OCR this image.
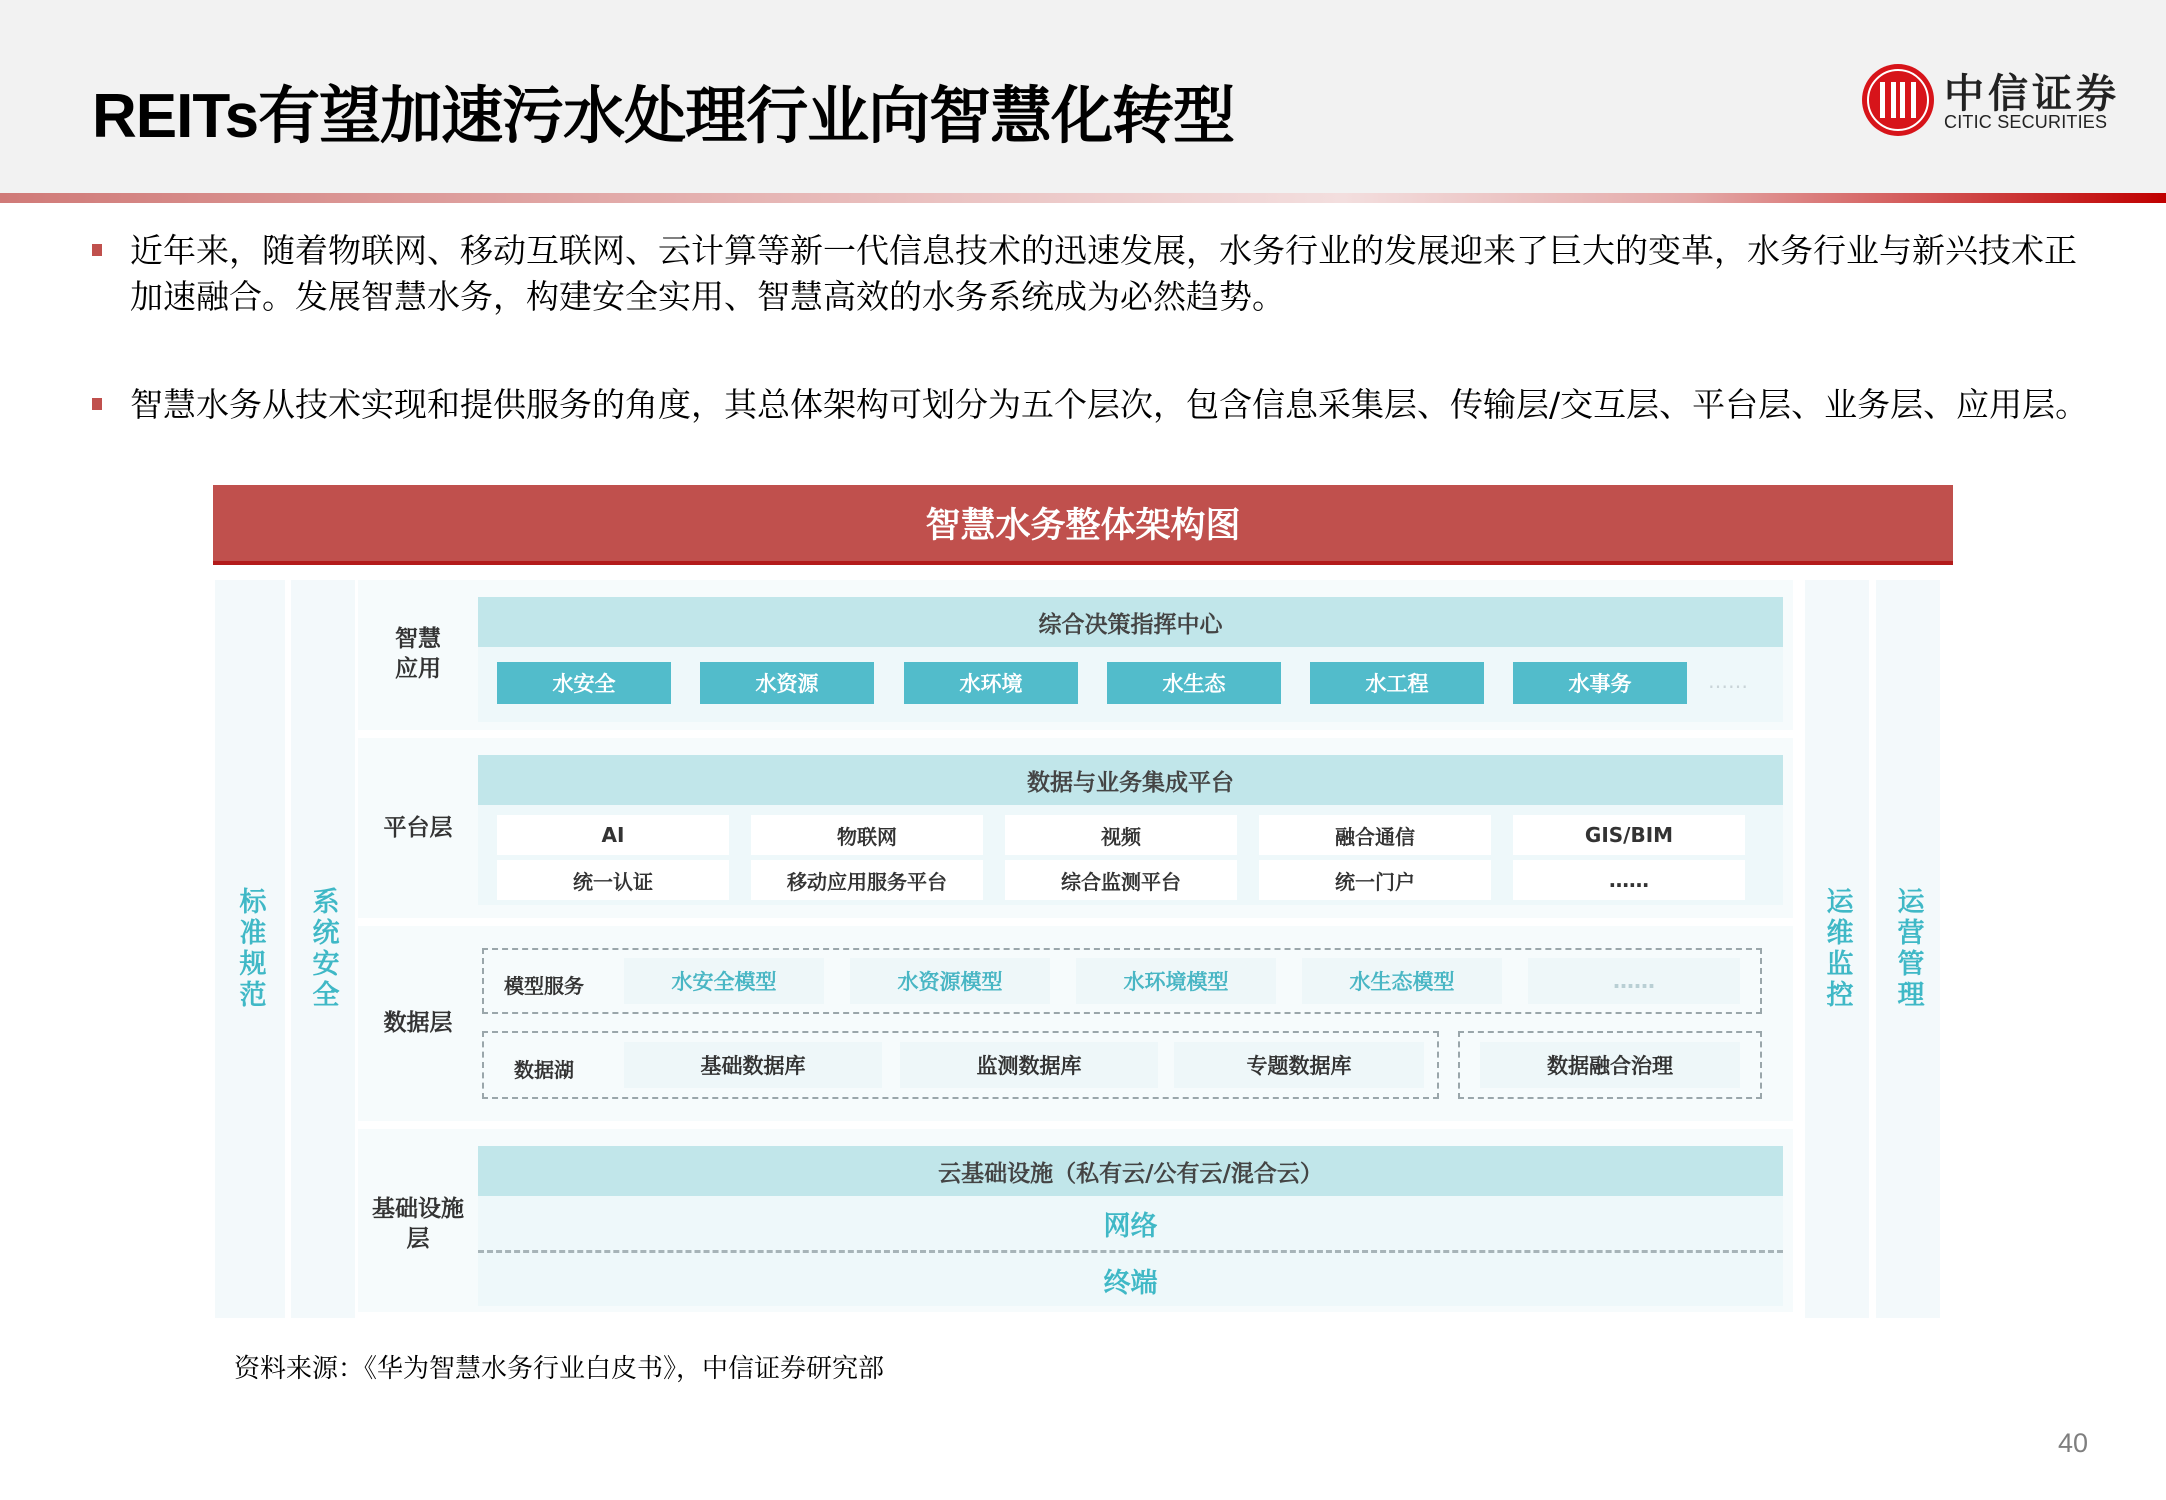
REITs有望加速污水处理行业向智慧化转型	中信证券
CITIC SECURITIES
近年来，随着物联网、移动互联网、云计算等新一代信息技术的迅速发展，水务行业的发展迎来了巨大的变革，水务行业与新兴技术正加速融合。发展智慧水务，构建安全实用、智慧高效的水务系统成为必然趋势。
智慧水务从技术实现和提供服务的角度，其总体架构可划分为五个层次，包含信息采集层、传输层/交互层、平台层、业务层、应用层。
智慧水务整体架构图
标准规范 系统安全	运维监控 运营管理
智慧应用
综合决策指挥中心
水安全	水资源	水环境	水生态	水工程	水事务	……
平台层
数据与业务集成平台
AI	物联网	视频	融合通信	GIS/BIM
统一认证	移动应用服务平台	综合监测平台	统一门户	……
数据层
模型服务	水安全模型	水资源模型	水环境模型	水生态模型	……
数据湖	基础数据库	监测数据库	专题数据库	数据融合治理
基础设施层
云基础设施（私有云/公有云/混合云）
网络
终端
资料来源：《华为智慧水务行业白皮书》，中信证券研究部
40
